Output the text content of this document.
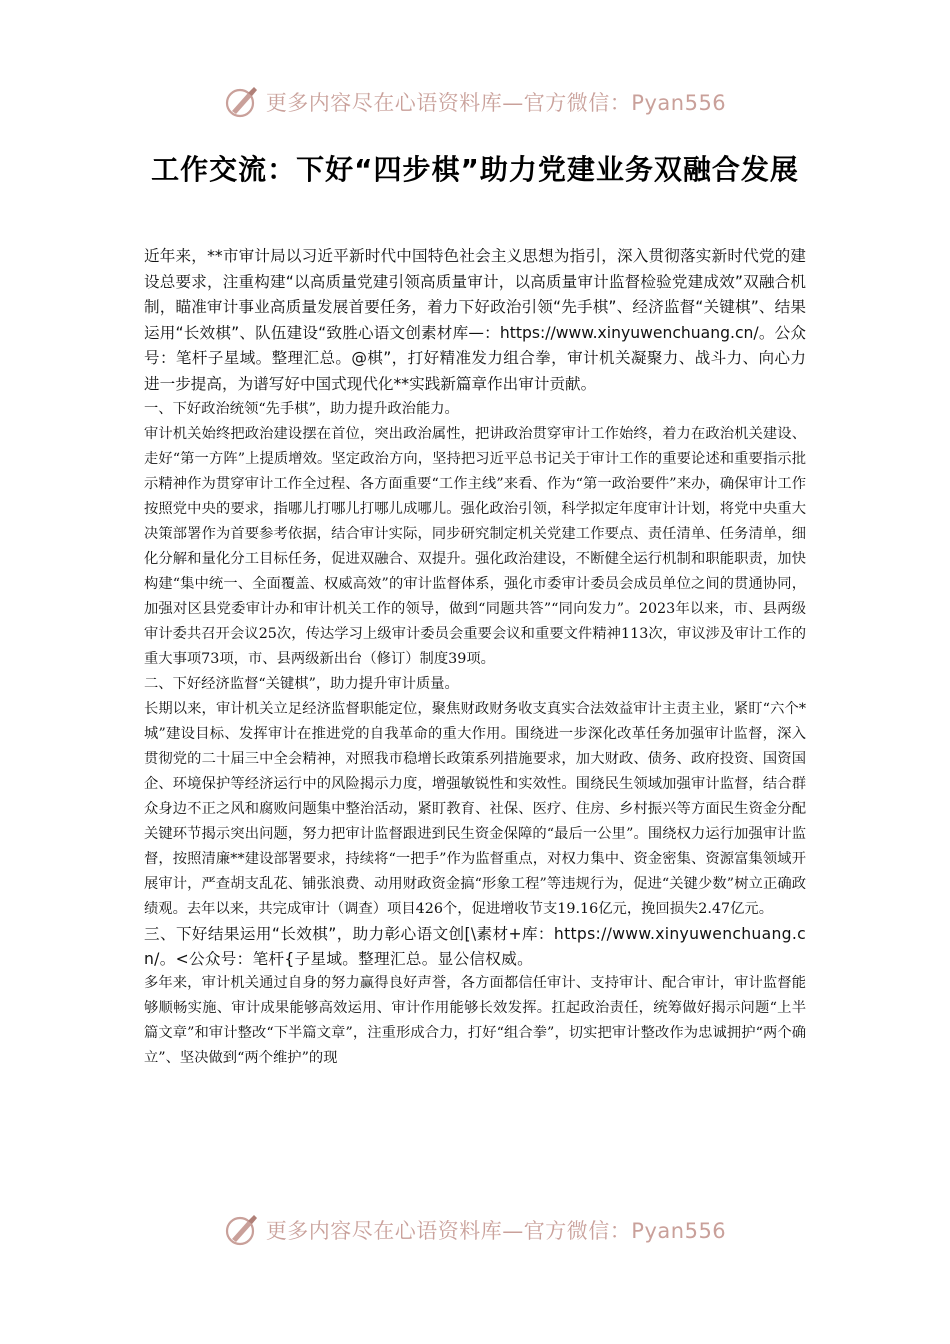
更多内容尽在心语资料库—官方微信：Pyan556
工作交流：下好“四步棋”助力党建业务双融合发展

近年来，**市审计局以习近平新时代中国特色社会主义思想为指引，深入贯彻落实新时代党的建设总要求，注重构建“以高质量党建引领高质量审计，以高质量审计监督检验党建成效”双融合机制，瞄准审计事业高质量发展首要任务，着力下好政治引领“先手棋”、经济监督“关键棋”、结果运用“长效棋”、队伍建设“致胜心语文创素材库—：https://www.xinyuwenchuang.cn/。公众号：笔杆子星域。整理汇总。@棋”，打好精准发力组合拳，审计机关凝聚力、战斗力、向心力进一步提高，为谱写好中国式现代化**实践新篇章作出审计贡献。

一、下好政治统领“先手棋”，助力提升政治能力。

审计机关始终把政治建设摆在首位，突出政治属性，把讲政治贯穿审计工作始终，着力在政治机关建设、走好“第一方阵”上提质增效。坚定政治方向，坚持把习近平总书记关于审计工作的重要论述和重要指示批示精神作为贯穿审计工作全过程、各方面重要“工作主线”来看、作为“第一政治要件”来办，确保审计工作按照党中央的要求，指哪儿打哪儿打哪儿成哪儿。强化政治引领，科学拟定年度审计计划，将党中央重大决策部署作为首要参考依据，结合审计实际，同步研究制定机关党建工作要点、责任清单、任务清单，细化分解和量化分工目标任务，促进双融合、双提升。强化政治建设，不断健全运行机制和职能职责，加快构建“集中统一、全面覆盖、权威高效”的审计监督体系，强化市委审计委员会成员单位之间的贯通协同，加强对区县党委审计办和审计机关工作的领导，做到“同题共答”“同向发力”。2023年以来，市、县两级审计委共召开会议25次，传达学习上级审计委员会重要会议和重要文件精神113次，审议涉及审计工作的重大事项73项，市、县两级新出台（修订）制度39项。

二、下好经济监督“关键棋”，助力提升审计质量。

长期以来，审计机关立足经济监督职能定位，聚焦财政财务收支真实合法效益审计主责主业，紧盯“六个*城”建设目标、发挥审计在推进党的自我革命的重大作用。围绕进一步深化改革任务加强审计监督，深入贯彻党的二十届三中全会精神，对照我市稳增长政策系列措施要求，加大财政、债务、政府投资、国资国企、环境保护等经济运行中的风险揭示力度，增强敏锐性和实效性。围绕民生领域加强审计监督，结合群众身边不正之风和腐败问题集中整治活动，紧盯教育、社保、医疗、住房、乡村振兴等方面民生资金分配关键环节揭示突出问题，努力把审计监督跟进到民生资金保障的“最后一公里”。围绕权力运行加强审计监督，按照清廉**建设部署要求，持续将“一把手”作为监督重点，对权力集中、资金密集、资源富集领域开展审计，严查胡支乱花、铺张浪费、动用财政资金搞“形象工程”等违规行为，促进“关键少数”树立正确政绩观。去年以来，共完成审计（调查）项目426个，促进增收节支19.16亿元，挽回损失2.47亿元。

三、下好结果运用“长效棋”，助力彰心语文创[\素材+库：https://www.xinyuwenchuang.cn/。<公众号：笔杆{子星域。整理汇总。显公信权威。

多年来，审计机关通过自身的努力赢得良好声誉，各方面都信任审计、支持审计、配合审计，审计监督能够顺畅实施、审计成果能够高效运用、审计作用能够长效发挥。扛起政治责任，统筹做好揭示问题“上半篇文章”和审计整改“下半篇文章”，注重形成合力，打好“组合拳”，切实把审计整改作为忠诚拥护“两个确立”、坚决做到“两个维护”的现

更多内容尽在心语资料库—官方微信：Pyan556
